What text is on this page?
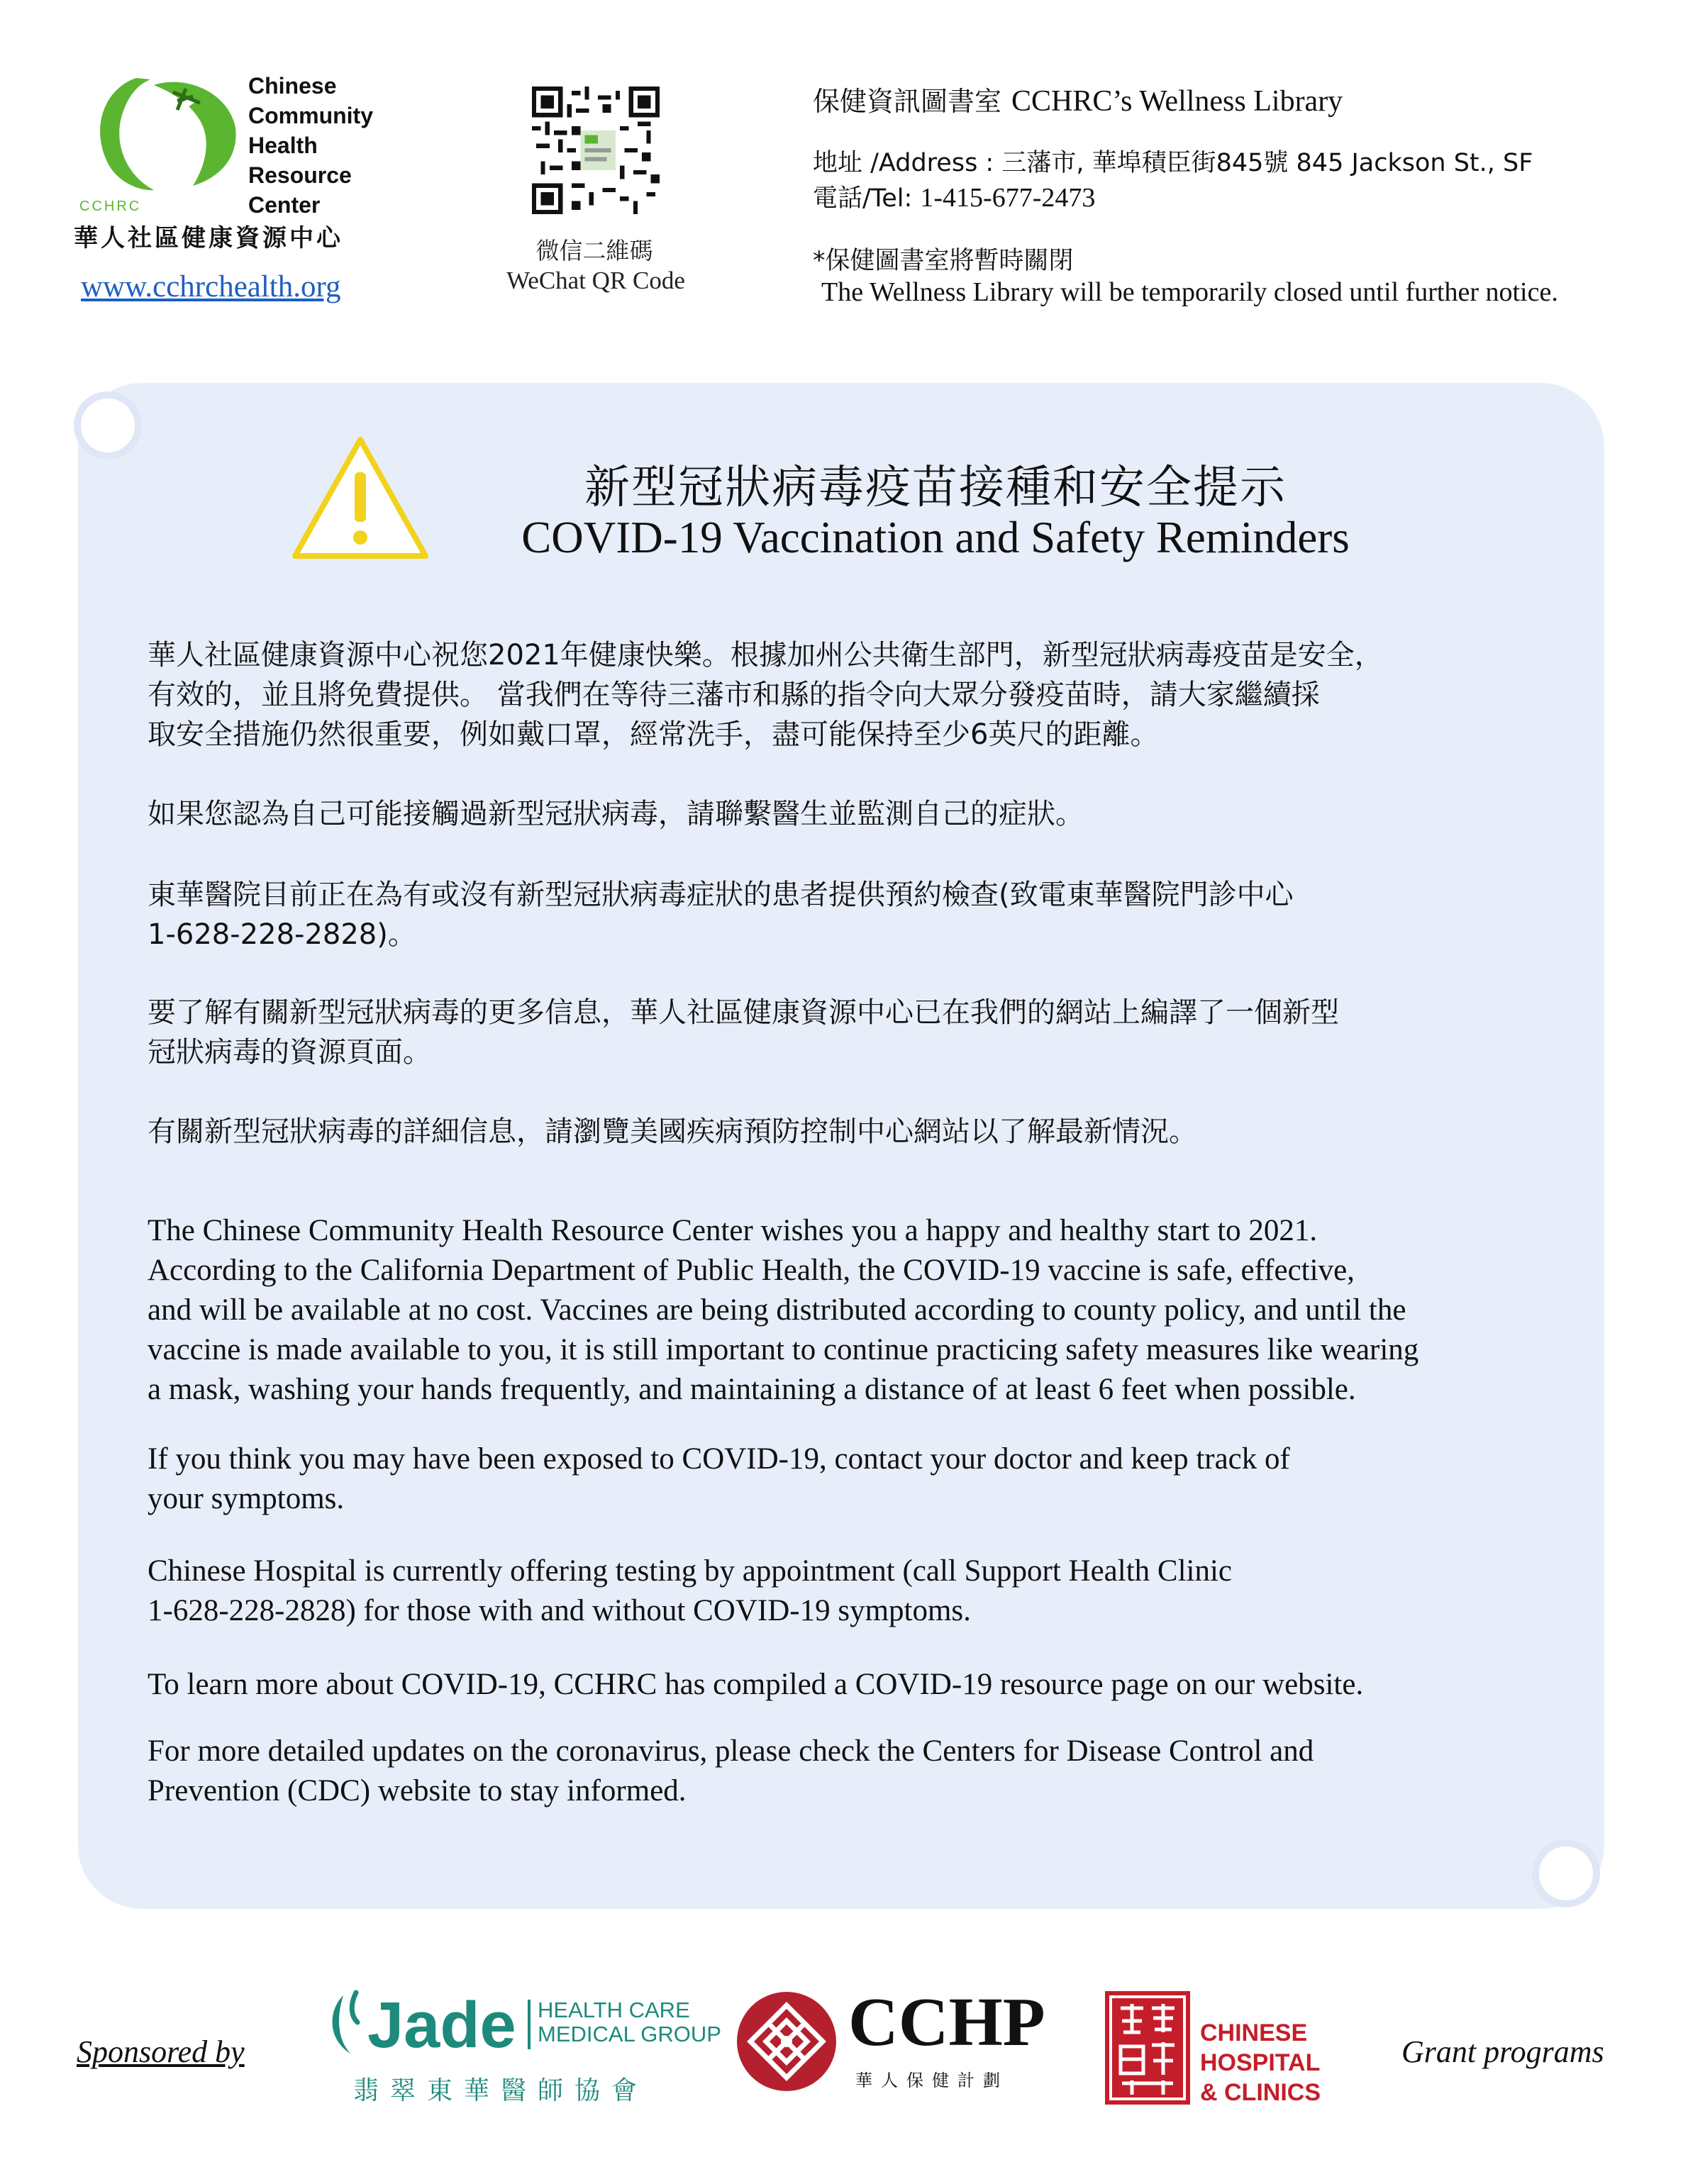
CCHRC
Chinese
Community
Health
Resource
Center
華人社區健康資源中心
www.cchrchealth.org
微信二維碼
WeChat QR Code
保健資訊圖書室 CCHRC’s Wellness Library
地址 /Address : 三藩市, 華埠積臣街845號 845 Jackson St., SF
電話/Tel: 1-415-677-2473
*保健圖書室將暫時關閉
The Wellness Library will be temporarily closed until further notice.
新型冠狀病毒疫苗接種和安全提示
COVID-19 Vaccination and Safety Reminders
華人社區健康資源中心祝您2021年健康快樂。根據加州公共衛生部門，新型冠狀病毒疫苗是安全，
有效的，並且將免費提供。 當我們在等待三藩市和縣的指令向大眾分發疫苗時，請大家繼續採
取安全措施仍然很重要，例如戴口罩，經常洗手，盡可能保持至少6英尺的距離。
如果您認為自己可能接觸過新型冠狀病毒，請聯繫醫生並監測自己的症狀。
東華醫院目前正在為有或沒有新型冠狀病毒症狀的患者提供預約檢查(致電東華醫院門診中心
1-628-228-2828)。
要了解有關新型冠狀病毒的更多信息，華人社區健康資源中心已在我們的網站上編譯了一個新型
冠狀病毒的資源頁面。
有關新型冠狀病毒的詳細信息，請瀏覽美國疾病預防控制中心網站以了解最新情況。
The Chinese Community Health Resource Center wishes you a happy and healthy start to 2021.
According to the California Department of Public Health, the COVID-19 vaccine is safe, effective,
and will be available at no cost. Vaccines are being distributed according to county policy, and until the
vaccine is made available to you, it is still important to continue practicing safety measures like wearing
a mask, washing your hands frequently, and maintaining a distance of at least 6 feet when possible.
If you think you may have been exposed to COVID-19, contact your doctor and keep track of
your symptoms.
Chinese Hospital is currently offering testing by appointment (call Support Health Clinic
1-628-228-2828) for those with and without COVID-19 symptoms.
To learn more about COVID-19, CCHRC has compiled a COVID-19 resource page on our website.
For more detailed updates on the coronavirus, please check the Centers for Disease Control and
Prevention (CDC) website to stay informed.
Sponsored by Jade HEALTH CARE
MEDICAL GROUP
翡翠東華醫師協會
CCHP
華人保健計劃
CHINESE
HOSPITAL
& CLINICS
Grant programs
